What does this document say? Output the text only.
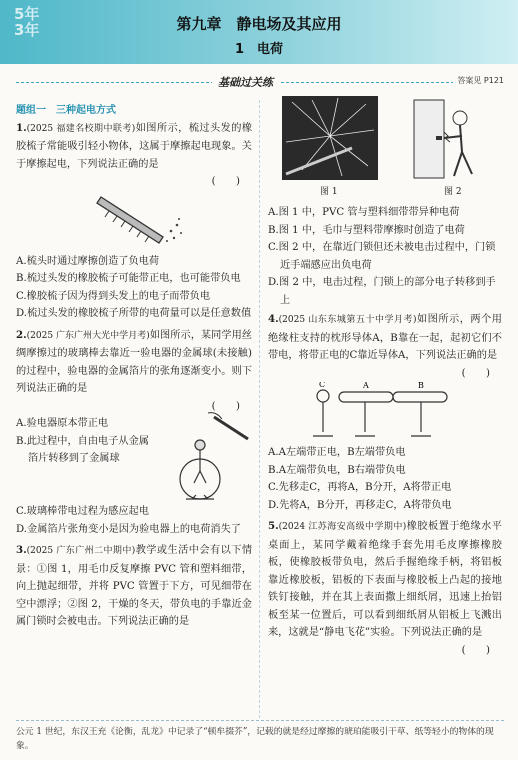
5年
3年	第九章　静电场及其应用
1　电荷
基础过关练	答案见 P121
题组一　三种起电方式

1.(2025 福建名校期中联考)如图所示，梳过头发的橡胶梳子常能吸引轻小物体，这属于摩擦起电现象。关于摩擦起电，下列说法正确的是

(　　)

A.梳头时通过摩擦创造了负电荷

B.梳过头发的橡胶梳子可能带正电，也可能带负电

C.橡胶梳子因为得到头发上的电子而带负电

D.梳过头发的橡胶梳子所带的电荷量可以是任意数值

2.(2025 广东广州大光中学月考)如图所示，某同学用丝绸摩擦过的玻璃棒去靠近一验电器的金属球(未接触)的过程中，验电器的金属箔片的张角逐渐变小。则下列说法正确的是

(　　)

A.验电器原本带正电

B.此过程中，自由电子从金属箔片转移到了金属球

C.玻璃棒带电过程为感应起电

D.金属箔片张角变小是因为验电器上的电荷消失了

3.(2025 广东广州二中期中)教学或生活中会有以下情景：①图 1，用毛巾反复摩擦 PVC 管和塑料细带，向上抛起细带，并将 PVC 管置于下方，可见细带在空中漂浮；②图 2，干燥的冬天，带负电的手靠近金属门锁时会被电击。下列说法正确的是

图 1	图 2

A.图 1 中，PVC 管与塑料细带带异种电荷

B.图 1 中，毛巾与塑料带摩擦时创造了电荷

C.图 2 中，在靠近门锁但还未被电击过程中，门锁近手端感应出负电荷

D.图 2 中，电击过程，门锁上的部分电子转移到手上

4.(2025 山东东城第五十中学月考)如图所示，两个用绝缘柱支持的枕形导体A，B靠在一起，起初它们不带电，将带正电的C靠近导体A，下列说法正确的是

(　　)

C	A	B

A.A左端带正电，B左端带负电

B.A左端带负电，B右端带负电

C.先移走C，再将A，B分开，A将带正电

D.先将A，B分开，再移走C，A将带负电

5.(2024 江苏海安高级中学期中)橡胶板置于绝缘水平桌面上，某同学戴着绝缘手套先用毛皮摩擦橡胶板，使橡胶板带负电，然后手握绝缘手柄，将铝板靠近橡胶板，铝板的下表面与橡胶板上凸起的接地铁钉接触，并在其上表面撒上细纸屑，迅速上抬铝板至某一位置后，可以看到细纸屑从铝板上飞溅出来，这就是“静电飞花”实验。下列说法正确的是

(　　)

公元 1 世纪，东汉王充《论衡，乱龙》中记录了“顿牟掇芥”，记载的就是经过摩擦的琥珀能吸引干草、纸等轻小的物体的现象。
